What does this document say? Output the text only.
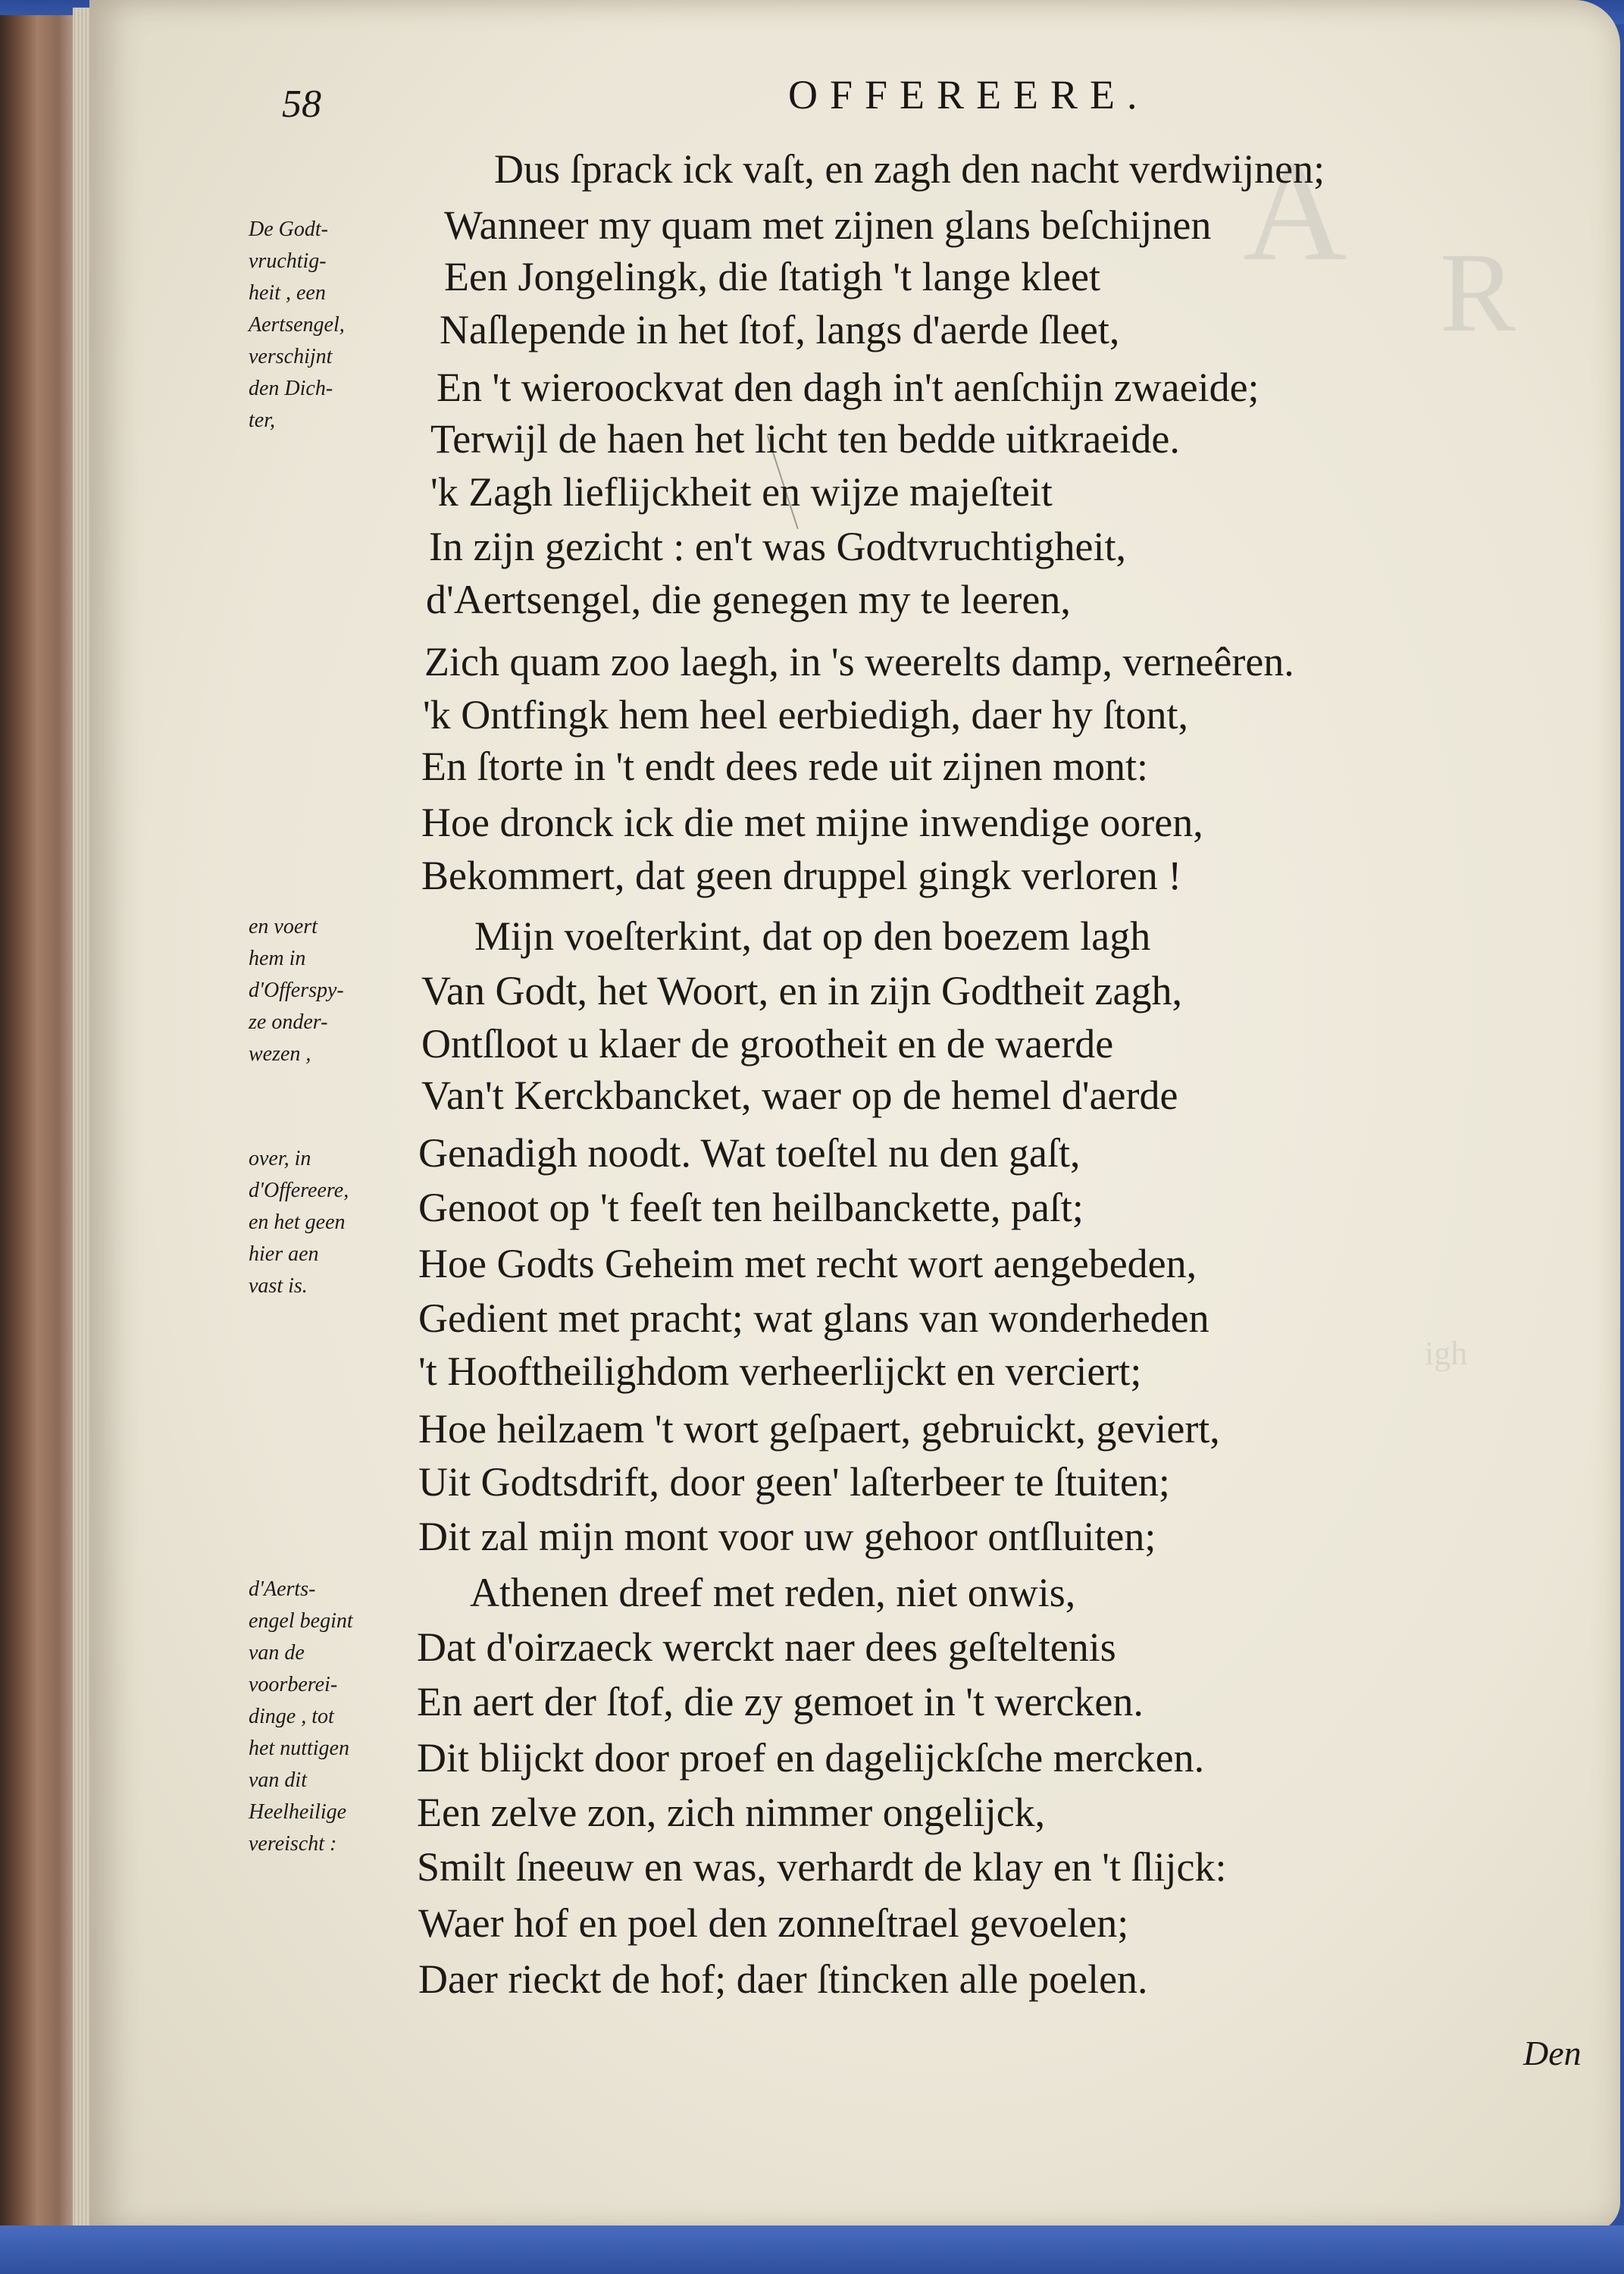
A
R
igh
58	OFFEREERE.
De Godt-
vruchtig-
heit , een
Aertsengel,
verschijnt
den Dich-
ter,
en voert
hem in
d'Offerspy-
ze onder-
wezen ,
over, in
d'Offereere,
en het geen
hier aen
vast is.
d'Aerts-
engel begint
van de
voorberei-
dinge , tot
het nuttigen
van dit
Heelheilige
vereischt :
Dus ſprack ick vaſt, en zagh den nacht verdwijnen;
Wanneer my quam met zijnen glans beſchijnen
Een Jongelingk, die ſtatigh 't lange kleet
Naſlepende in het ſtof, langs d'aerde ſleet,
En 't wieroockvat den dagh in't aenſchijn zwaeide;
Terwijl de haen het licht ten bedde uitkraeide.
'k Zagh lieflijckheit en wijze majeſteit
In zijn gezicht : en't was Godtvruchtigheit,
d'Aertsengel, die genegen my te leeren,
Zich quam zoo laegh, in 's weerelts damp, verneêren.
'k Ontfingk hem heel eerbiedigh, daer hy ſtont,
En ſtorte in 't endt dees rede uit zijnen mont:
Hoe dronck ick die met mijne inwendige ooren,
Bekommert, dat geen druppel gingk verloren !
Mijn voeſterkint, dat op den boezem lagh
Van Godt, het Woort, en in zijn Godtheit zagh,
Ontſloot u klaer de grootheit en de waerde
Van't Kerckbancket, waer op de hemel d'aerde
Genadigh noodt. Wat toeſtel nu den gaſt,
Genoot op 't feeſt ten heilbanckette, paſt;
Hoe Godts Geheim met recht wort aengebeden,
Gedient met pracht; wat glans van wonderheden
't Hooftheilighdom verheerlijckt en verciert;
Hoe heilzaem 't wort geſpaert, gebruickt, geviert,
Uit Godtsdrift, door geen' laſterbeer te ſtuiten;
Dit zal mijn mont voor uw gehoor ontſluiten;
Athenen dreef met reden, niet onwis,
Dat d'oirzaeck werckt naer dees geſteltenis
En aert der ſtof, die zy gemoet in 't wercken.
Dit blijckt door proef en dagelijckſche mercken.
Een zelve zon, zich nimmer ongelijck,
Smilt ſneeuw en was, verhardt de klay en 't ſlijck:
Waer hof en poel den zonneſtrael gevoelen;
Daer rieckt de hof; daer ſtincken alle poelen.
Den
